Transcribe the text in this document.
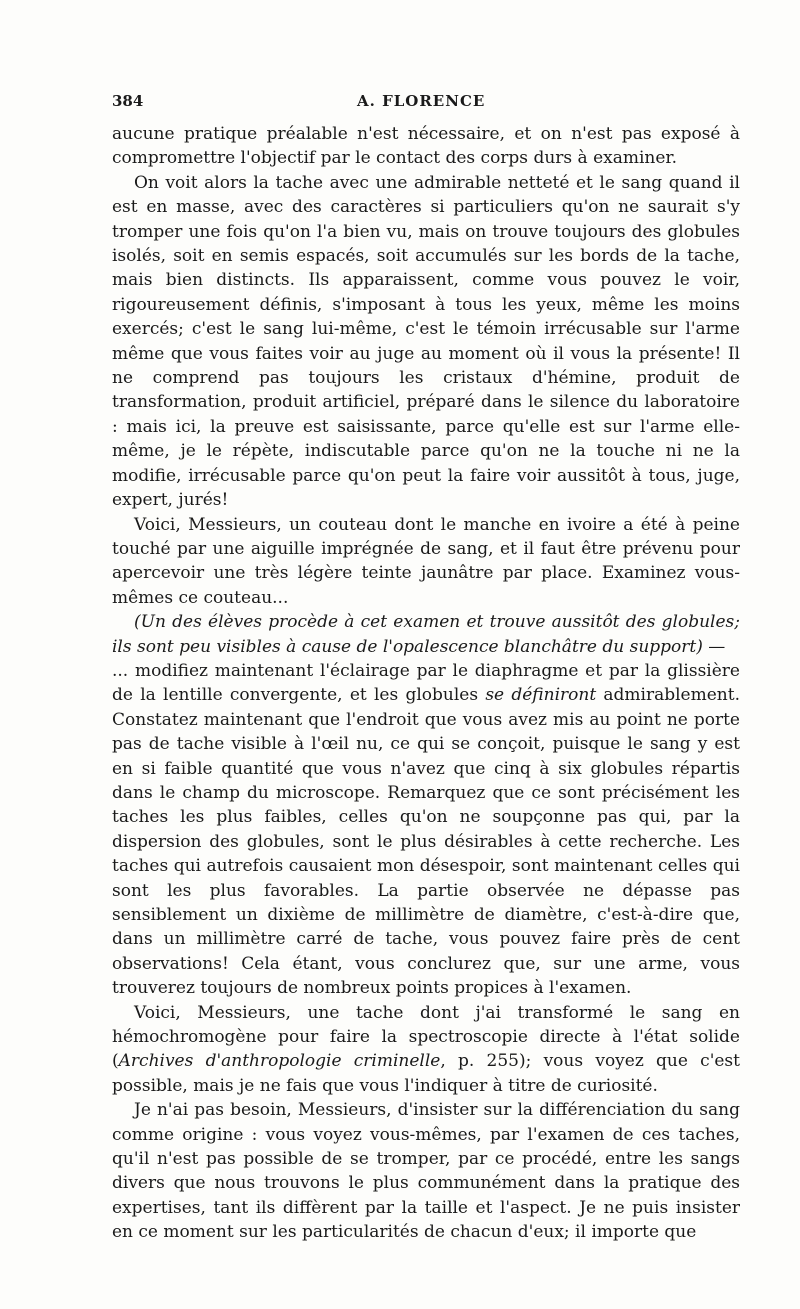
384	A. FLORENCE

aucune pratique préalable n'est nécessaire, et on n'est pas exposé à compromettre l'objectif par le contact des corps durs à examiner.

On voit alors la tache avec une admirable netteté et le sang quand il est en masse, avec des caractères si particuliers qu'on ne saurait s'y tromper une fois qu'on l'a bien vu, mais on trouve toujours des globules isolés, soit en semis espacés, soit accumulés sur les bords de la tache, mais bien distincts. Ils apparaissent, comme vous pouvez le voir, rigoureusement définis, s'imposant à tous les yeux, même les moins exercés; c'est le sang lui-même, c'est le témoin irrécusable sur l'arme même que vous faites voir au juge au moment où il vous la présente! Il ne comprend pas toujours les cristaux d'hémine, produit de transformation, produit artificiel, préparé dans le silence du laboratoire : mais ici, la preuve est saisissante, parce qu'elle est sur l'arme elle-même, je le répète, indiscutable parce qu'on ne la touche ni ne la modifie, irrécusable parce qu'on peut la faire voir aussitôt à tous, juge, expert, jurés!

Voici, Messieurs, un couteau dont le manche en ivoire a été à peine touché par une aiguille imprégnée de sang, et il faut être prévenu pour apercevoir une très légère teinte jaunâtre par place. Examinez vous-mêmes ce couteau...

(Un des élèves procède à cet examen et trouve aussitôt des globules; ils sont peu visibles à cause de l'opalescence blanchâtre du support) —

... modifiez maintenant l'éclairage par le diaphragme et par la glissière de la lentille convergente, et les globules se définiront admirablement. Constatez maintenant que l'endroit que vous avez mis au point ne porte pas de tache visible à l'œil nu, ce qui se conçoit, puisque le sang y est en si faible quantité que vous n'avez que cinq à six globules répartis dans le champ du microscope. Remarquez que ce sont précisément les taches les plus faibles, celles qu'on ne soupçonne pas qui, par la dispersion des globules, sont le plus désirables à cette recherche. Les taches qui autrefois causaient mon désespoir, sont maintenant celles qui sont les plus favorables. La partie observée ne dépasse pas sensiblement un dixième de millimètre de diamètre, c'est-à-dire que, dans un millimètre carré de tache, vous pouvez faire près de cent observations! Cela étant, vous conclurez que, sur une arme, vous trouverez toujours de nombreux points propices à l'examen.

Voici, Messieurs, une tache dont j'ai transformé le sang en hémochromogène pour faire la spectroscopie directe à l'état solide (Archives d'anthropologie criminelle, p. 255); vous voyez que c'est possible, mais je ne fais que vous l'indiquer à titre de curiosité.

Je n'ai pas besoin, Messieurs, d'insister sur la différenciation du sang comme origine : vous voyez vous-mêmes, par l'examen de ces taches, qu'il n'est pas possible de se tromper, par ce procédé, entre les sangs divers que nous trouvons le plus communément dans la pratique des expertises, tant ils diffèrent par la taille et l'aspect. Je ne puis insister en ce moment sur les particularités de chacun d'eux; il importe que
